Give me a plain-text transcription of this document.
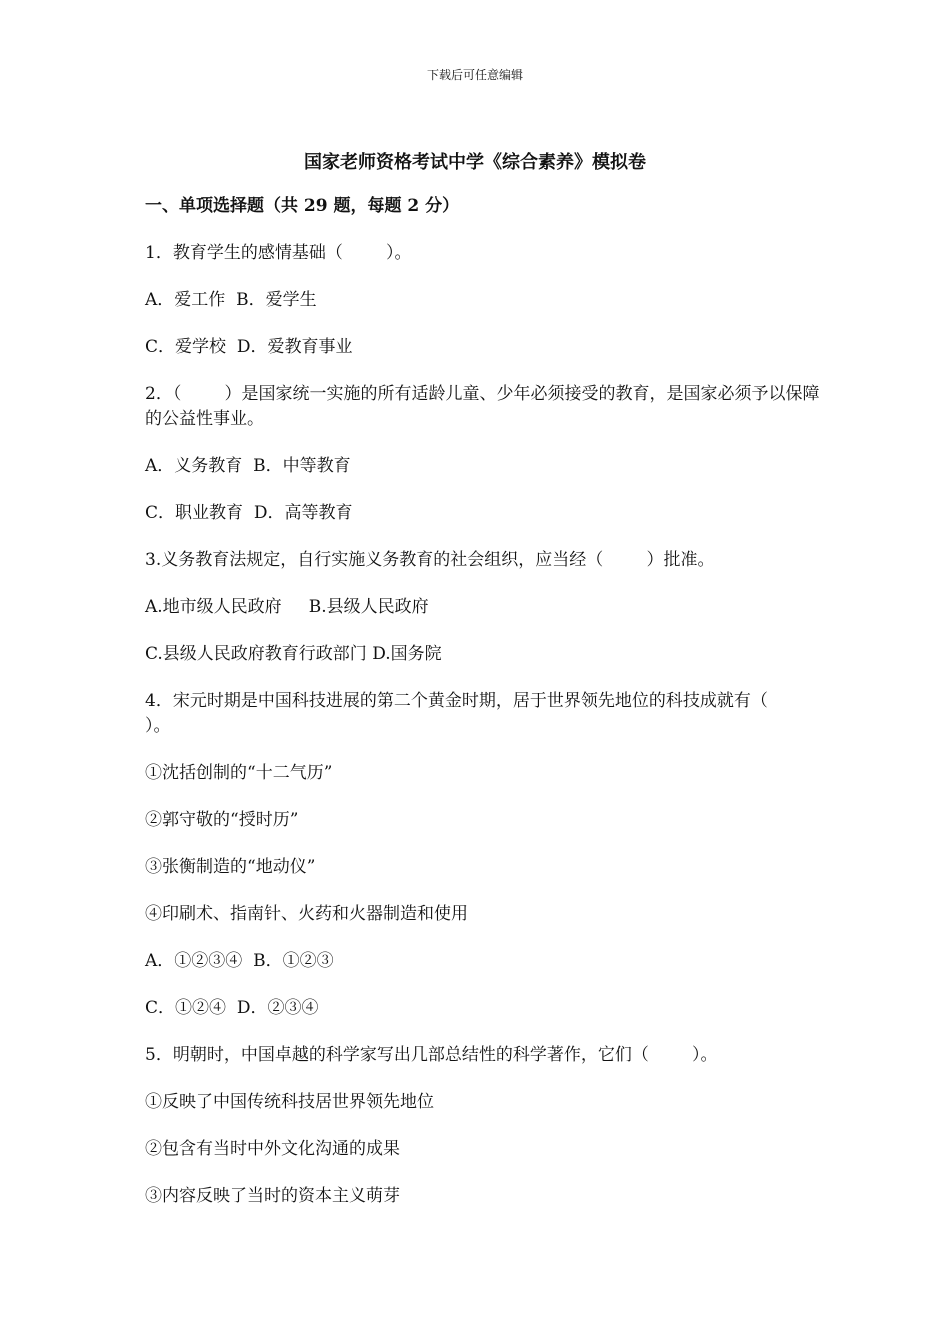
下载后可任意编辑
国家老师资格考试中学《综合素养》模拟卷

一、单项选择题（共 29 题，每题 2 分）

1．教育学生的感情基础（        ）。

A．爱工作  B．爱学生

C．爱学校  D．爱教育事业

2．（        ）是国家统一实施的所有适龄儿童、少年必须接受的教育，是国家必须予以保障的公益性事业。

A．义务教育  B．中等教育

C．职业教育  D．高等教育

3.义务教育法规定，自行实施义务教育的社会组织，应当经（        ）批准。

A.地市级人民政府     B.县级人民政府

C.县级人民政府教育行政部门 D.国务院

4．宋元时期是中国科技进展的第二个黄金时期，居于世界领先地位的科技成就有（        ）。

①沈括创制的“十二气历”

②郭守敬的“授时历”

③张衡制造的“地动仪”

④印刷术、指南针、火药和火器制造和使用

A．①②③④  B．①②③

C．①②④  D．②③④

5．明朝时，中国卓越的科学家写出几部总结性的科学著作，它们（        ）。

①反映了中国传统科技居世界领先地位

②包含有当时中外文化沟通的成果

③内容反映了当时的资本主义萌芽
